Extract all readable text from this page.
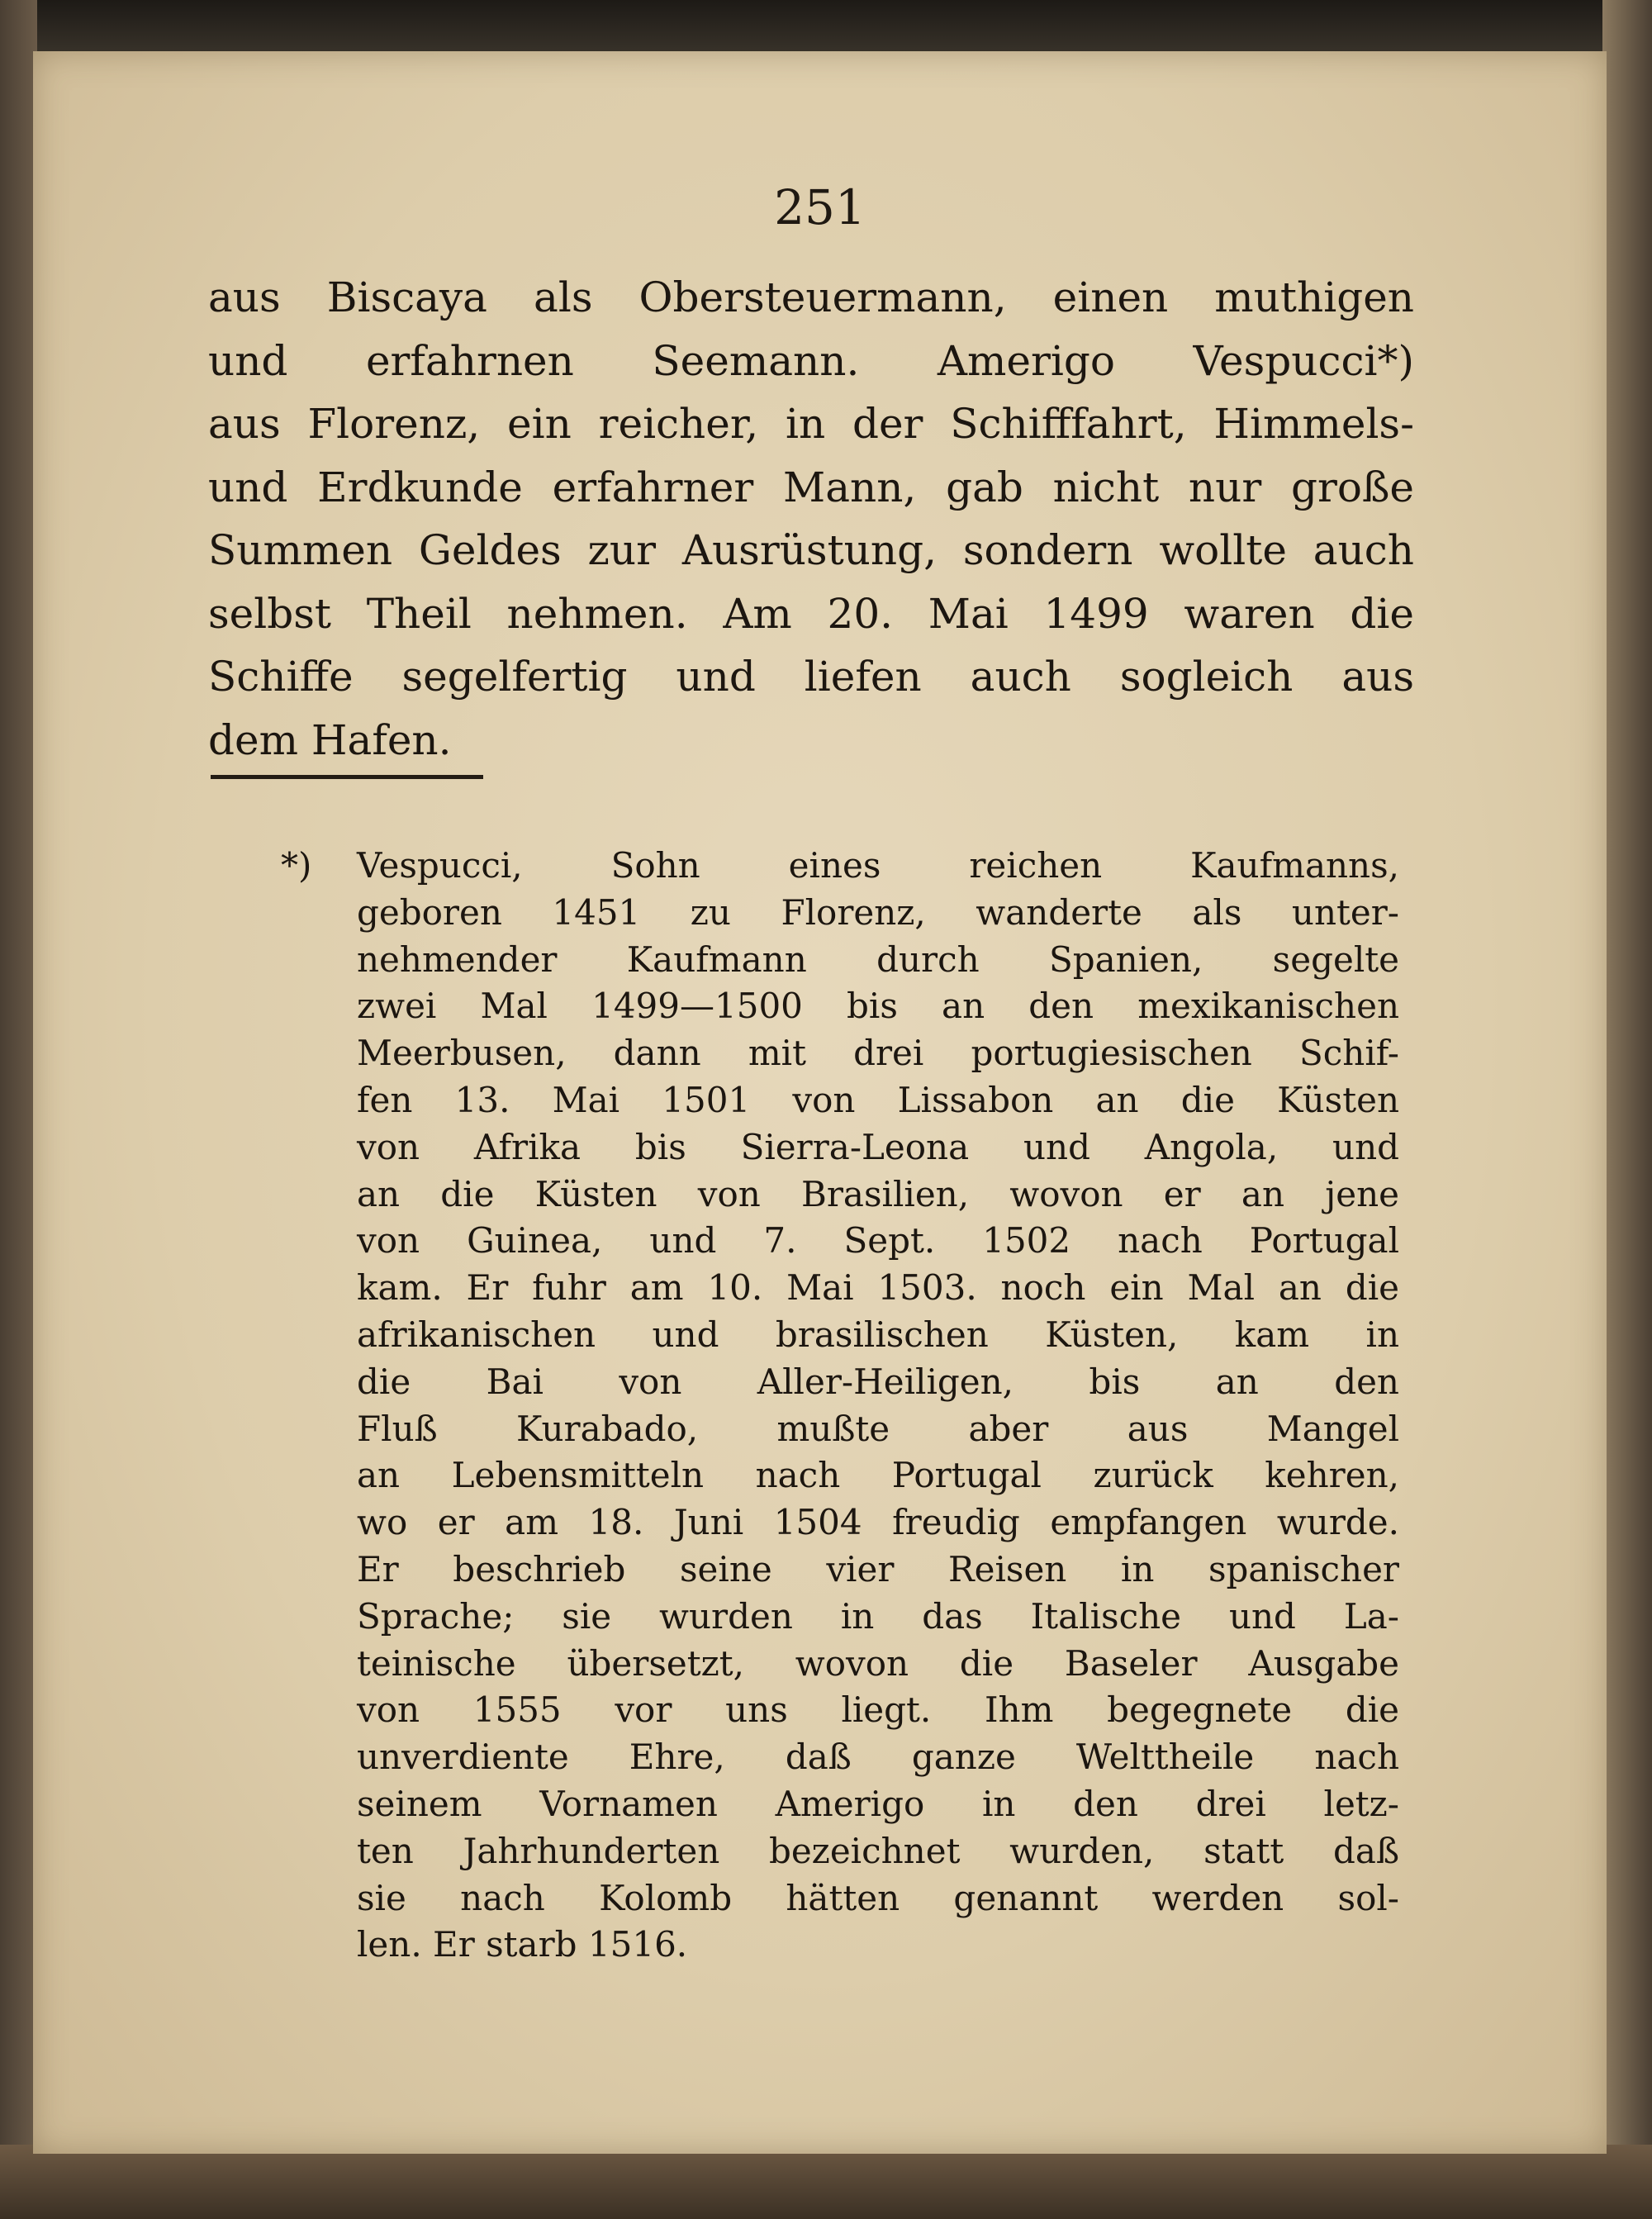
251
aus Biscaya als Obersteuermann, einen muthigen
und erfahrnen Seemann. Amerigo Vespucci*)
aus Florenz, ein reicher, in der Schifffahrt, Himmels-
und Erdkunde erfahrner Mann, gab nicht nur große
Summen Geldes zur Ausrüstung, sondern wollte auch
selbst Theil nehmen. Am 20. Mai 1499 waren die
Schiffe segelfertig und liefen auch sogleich aus
dem Hafen.
*) Vespucci, Sohn eines reichen Kaufmanns,
geboren 1451 zu Florenz, wanderte als unter-
nehmender Kaufmann durch Spanien, segelte
zwei Mal 1499—1500 bis an den mexikanischen
Meerbusen, dann mit drei portugiesischen Schif-
fen 13. Mai 1501 von Lissabon an die Küsten
von Afrika bis Sierra-Leona und Angola, und
an die Küsten von Brasilien, wovon er an jene
von Guinea, und 7. Sept. 1502 nach Portugal
kam. Er fuhr am 10. Mai 1503. noch ein Mal an die
afrikanischen und brasilischen Küsten, kam in
die Bai von Aller-Heiligen, bis an den
Fluß Kurabado, mußte aber aus Mangel
an Lebensmitteln nach Portugal zurück kehren,
wo er am 18. Juni 1504 freudig empfangen wurde.
Er beschrieb seine vier Reisen in spanischer
Sprache; sie wurden in das Italische und La-
teinische übersetzt, wovon die Baseler Ausgabe
von 1555 vor uns liegt. Ihm begegnete die
unverdiente Ehre, daß ganze Welttheile nach
seinem Vornamen Amerigo in den drei letz-
ten Jahrhunderten bezeichnet wurden, statt daß
sie nach Kolomb hätten genannt werden sol-
len. Er starb 1516.
